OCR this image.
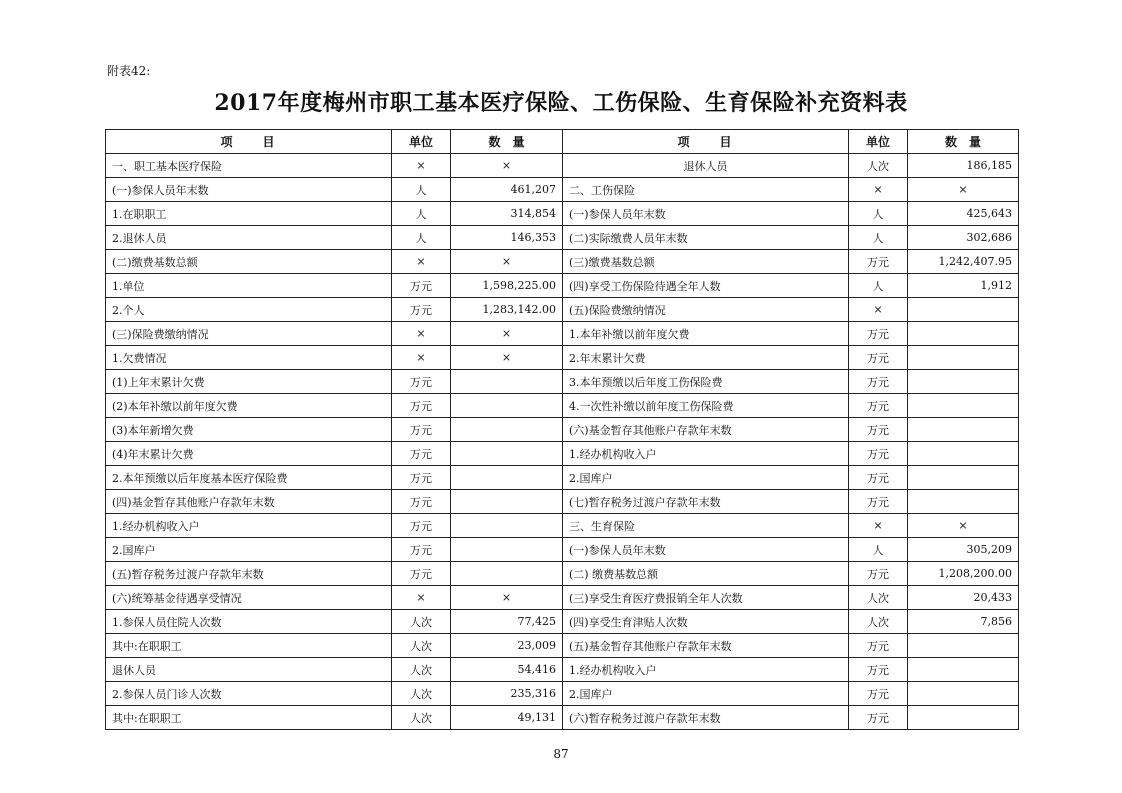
附表42:
2017年度梅州市职工基本医疗保险、工伤保险、生育保险补充资料表
项　　目	单位	数　量	项　　目	单位	数　量
一、职工基本医疗保险	×	×	退休人员	人次	186,185
(一)参保人员年末数	人	461,207	二、工伤保险	×	×
1.在职职工	人	314,854	(一)参保人员年末数	人	425,643
2.退休人员	人	146,353	(二)实际缴费人员年末数	人	302,686
(二)缴费基数总额	×	×	(三)缴费基数总额	万元	1,242,407.95
1.单位	万元	1,598,225.00	(四)享受工伤保险待遇全年人数	人	1,912
2.个人	万元	1,283,142.00	(五)保险费缴纳情况	×	
(三)保险费缴纳情况	×	×	1.本年补缴以前年度欠费	万元	
1.欠费情况	×	×	2.年末累计欠费	万元	
(1)上年末累计欠费	万元		3.本年预缴以后年度工伤保险费	万元	
(2)本年补缴以前年度欠费	万元		4.一次性补缴以前年度工伤保险费	万元	
(3)本年新增欠费	万元		(六)基金暂存其他账户存款年末数	万元	
(4)年末累计欠费	万元		1.经办机构收入户	万元	
2.本年预缴以后年度基本医疗保险费	万元		2.国库户	万元	
(四)基金暂存其他账户存款年末数	万元		(七)暂存税务过渡户存款年末数	万元	
1.经办机构收入户	万元		三、生育保险	×	×
2.国库户	万元		(一)参保人员年末数	人	305,209
(五)暂存税务过渡户存款年末数	万元		(二) 缴费基数总额	万元	1,208,200.00
(六)统筹基金待遇享受情况	×	×	(三)享受生育医疗费报销全年人次数	人次	20,433
1.参保人员住院人次数	人次	77,425	(四)享受生育津贴人次数	人次	7,856
其中:在职职工	人次	23,009	(五)基金暂存其他账户存款年末数	万元	
退休人员	人次	54,416	1.经办机构收入户	万元	
2.参保人员门诊人次数	人次	235,316	2.国库户	万元	
其中:在职职工	人次	49,131	(六)暂存税务过渡户存款年末数	万元	
87
